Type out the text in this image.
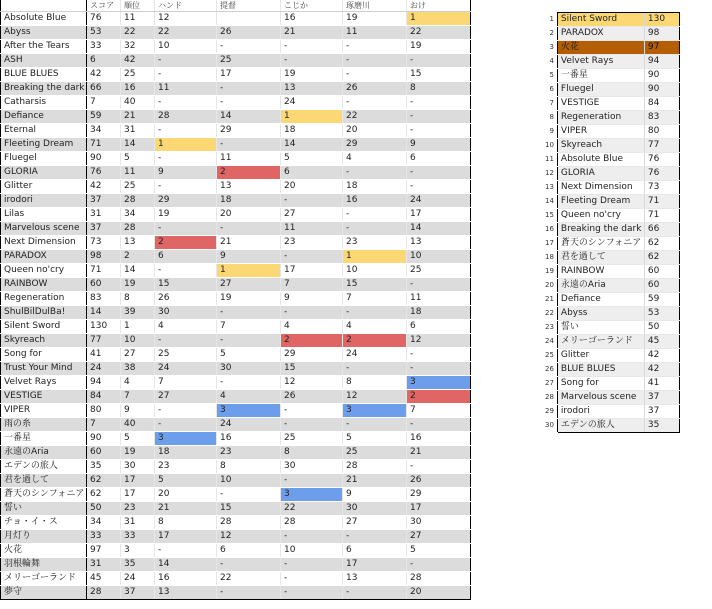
	スコア	順位	ハンド	提督	こじか	琢磨川	おけ
Absolute Blue	76	11	12		16	19	1
Abyss	53	22	22	26	21	11	22
After the Tears	33	32	10	-	-	-	19
ASH	6	42	-	25	-	-	-
BLUE BLUES	42	25	-	17	19	-	15
Breaking the dark	66	16	11	-	13	26	8
Catharsis	7	40	-	-	24	-	-
Defiance	59	21	28	14	1	22	-
Eternal	34	31	-	29	18	20	-
Fleeting Dream	71	14	1	-	14	29	9
Fluegel	90	5	-	11	5	4	6
GLORIA	76	11	9	2	6	-	-
Glitter	42	25	-	13	20	18	-
irodori	37	28	29	18	-	16	24
Lilas	31	34	19	20	27	-	17
Marvelous scene	37	28	-	-	11	-	14
Next Dimension	73	13	2	21	23	23	13
PARADOX	98	2	6	9	-	1	10
Queen no'cry	71	14	-	1	17	10	25
RAINBOW	60	19	15	27	7	15	-
Regeneration	83	8	26	19	9	7	11
ShulBilDulBa!	14	39	30	-	-	-	18
Silent Sword	130	1	4	7	4	4	6
Skyreach	77	10	-	-	2	2	12
Song for	41	27	25	5	29	24	-
Trust Your Mind	24	38	24	30	15	-	-
Velvet Rays	94	4	7	-	12	8	3
VESTIGE	84	7	27	4	26	12	2
VIPER	80	9	-	3	-	3	7
雨の糸	7	40	-	24	-	-	-
一番星	90	5	3	16	25	5	16
永遠のAria	60	19	18	23	8	25	21
エデンの旅人	35	30	23	8	30	28	-
君を過して	62	17	5	10	-	21	26
蒼天のシンフォニア	62	17	20	-	3	9	29
誓い	50	23	21	15	22	30	17
チョ・イ・ス	34	31	8	28	28	27	30
月灯り	33	33	17	12	-	-	27
火花	97	3	-	6	10	6	5
羽根輪舞	31	35	14	-	-	17	-
メリーゴーランド	45	24	16	22	-	13	28
夢守	28	37	13	-	-	-	20
1	Silent Sword	130
2	PARADOX	98
3	火花	97
4	Velvet Rays	94
5	一番星	90
6	Fluegel	90
7	VESTIGE	84
8	Regeneration	83
9	VIPER	80
10	Skyreach	77
11	Absolute Blue	76
12	GLORIA	76
13	Next Dimension	73
14	Fleeting Dream	71
15	Queen no'cry	71
16	Breaking the dark	66
17	蒼天のシンフォニア	62
18	君を過して	62
19	RAINBOW	60
20	永遠のAria	60
21	Defiance	59
22	Abyss	53
23	誓い	50
24	メリーゴーランド	45
25	Glitter	42
26	BLUE BLUES	42
27	Song for	41
28	Marvelous scene	37
29	irodori	37
30	エデンの旅人	35
